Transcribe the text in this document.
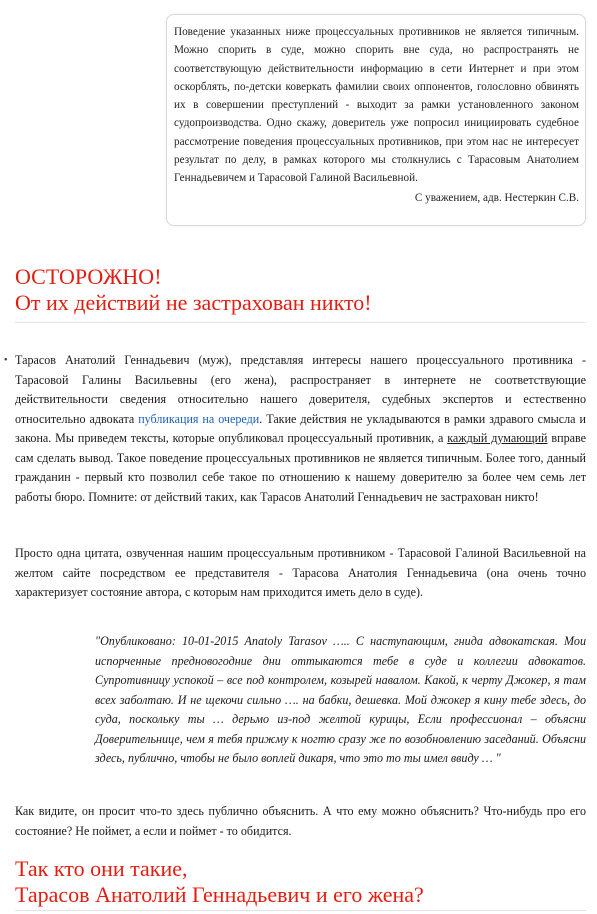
Поведение указанных ниже процессуальных противников не является типичным. Можно спорить в суде, можно спорить вне суда, но распространять не соответствующую действительности информацию в сети Интернет и при этом оскорблять, по-детски коверкать фамилии своих оппонентов, голословно обвинять их в совершении преступлений - выходит за рамки установленного законом судопроизводства. Одно скажу, доверитель уже попросил инициировать судебное рассмотрение поведения процессуальных противников, при этом нас не интересует результат по делу, в рамках которого мы столкнулись с Тарасовым Анатолием Геннадьевичем и Тарасовой Галиной Васильевной.
С уважением, адв. Нестеркин С.В.
ОСТОРОЖНО!
От их действий не застрахован никто!
• Тарасов Анатолий Геннадьевич (муж), представляя интересы нашего процессуального противника - Тарасовой Галины Васильевны (его жена), распространяет в интернете не соответствующие действительности сведения относительно нашего доверителя, судебных экспертов и естественно относительно адвоката публикация на очереди. Такие действия не укладываются в рамки здравого смысла и закона. Мы приведем тексты, которые опубликовал процессуальный противник, а каждый думающий вправе сам сделать вывод. Такое поведение процессуальных противников не является типичным. Более того, данный гражданин - первый кто позволил себе такое по отношению к нашему доверителю за более чем семь лет работы бюро. Помните: от действий таких, как Тарасов Анатолий Геннадьевич не застрахован никто!

Просто одна цитата, озвученная нашим процессуальным противником - Тарасовой Галиной Васильевной на желтом сайте посредством ее представителя - Тарасова Анатолия Геннадьевича (она очень точно характеризует состояние автора, с которым нам приходится иметь дело в суде).

"Опубликовано: 10-01-2015 Anatoly Tarasov ….. С наступающим, гнида адвокатская. Мои испорченные предновогодние дни оттыкаются тебе в суде и коллегии адвокатов. Супротивницу успокой – все под контролем, козырей навалом. Какой, к черту Джокер, я там всех заболтаю. И не щекочи сильно …. на бабки, дешевка. Мой джокер я кину тебе здесь, до суда, поскольку ты … дерьмо из-под желтой курицы, Если профессионал – объясни Доверительнице, чем я тебя прижму к ногтю сразу же по возобновлению заседаний. Объясни здесь, публично, чтобы не было воплей дикаря, что это то ты имел ввиду … "

Как видите, он просит что-то здесь публично объяснить. А что ему можно объяснить? Что-нибудь про его состояние? Не поймет, а если и поймет - то обидится.

Так кто они такие,
Тарасов Анатолий Геннадьевич и его жена?
